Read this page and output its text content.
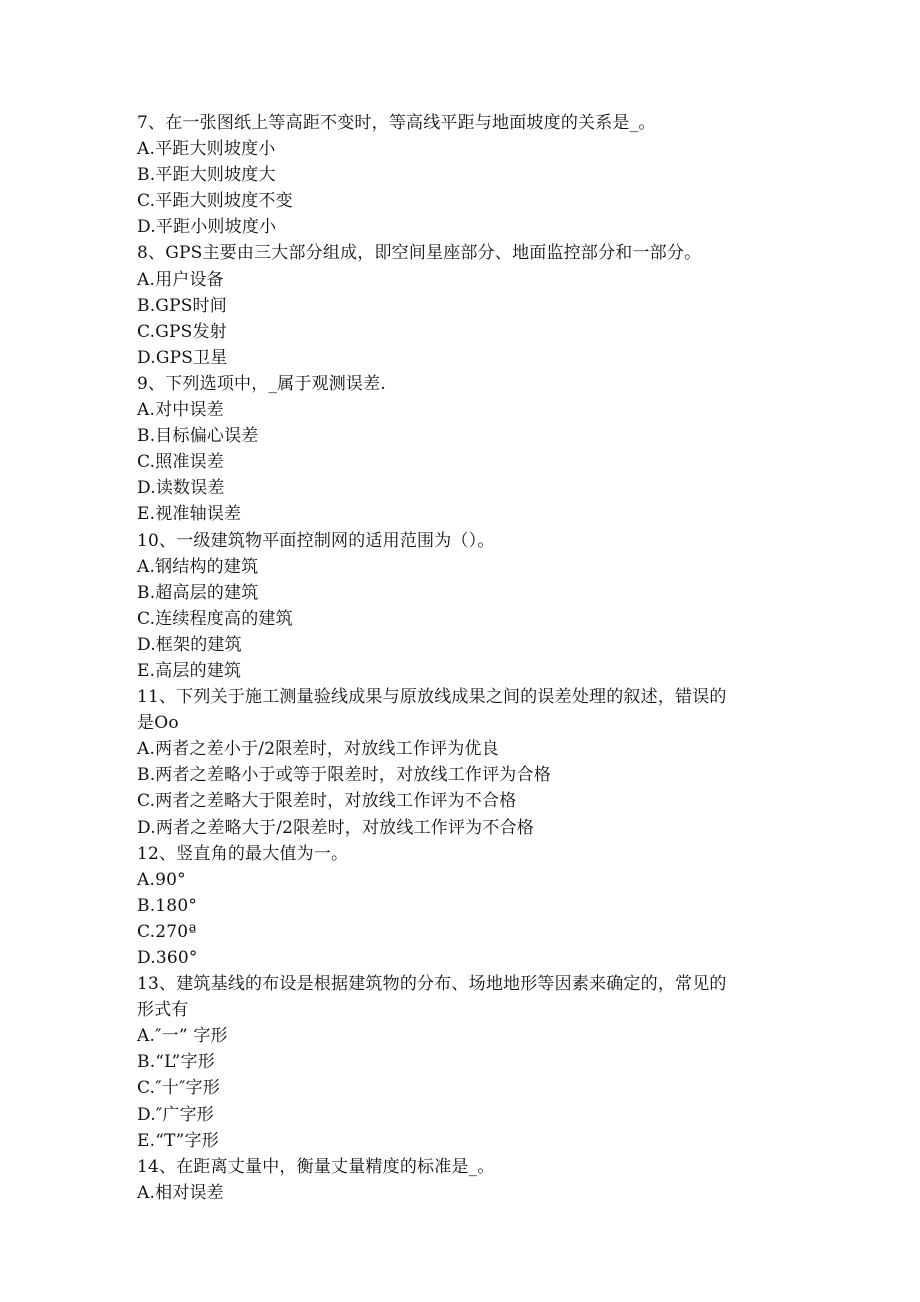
7、在一张图纸上等高距不变时，等高线平距与地面坡度的关系是_。
A.平距大则坡度小
B.平距大则坡度大
C.平距大则坡度不变
D.平距小则坡度小
8、GPS主要由三大部分组成，即空间星座部分、地面监控部分和一部分。
A.用户设备
B.GPS时间
C.GPS发射
D.GPS卫星
9、下列选项中，_属于观测误差.
A.对中误差
B.目标偏心误差
C.照准误差
D.读数误差
E.视准轴误差
10、一级建筑物平面控制网的适用范围为（）。
A.钢结构的建筑
B.超高层的建筑
C.连续程度高的建筑
D.框架的建筑
E.高层的建筑
11、下列关于施工测量验线成果与原放线成果之间的误差处理的叙述，错误的
是Oo
A.两者之差小于/2限差时，对放线工作评为优良
B.两者之差略小于或等于限差时，对放线工作评为合格
C.两者之差略大于限差时，对放线工作评为不合格
D.两者之差略大于/2限差时，对放线工作评为不合格
12、竖直角的最大值为一。
A.90°
B.180°
C.270ª
D.360°
13、建筑基线的布设是根据建筑物的分布、场地地形等因素来确定的，常见的
形式有
A.″一” 字形
B.“L”字形
C.″十″字形
D.″广字形
E.“T”字形
14、在距离丈量中，衡量丈量精度的标准是_。
A.相对误差
